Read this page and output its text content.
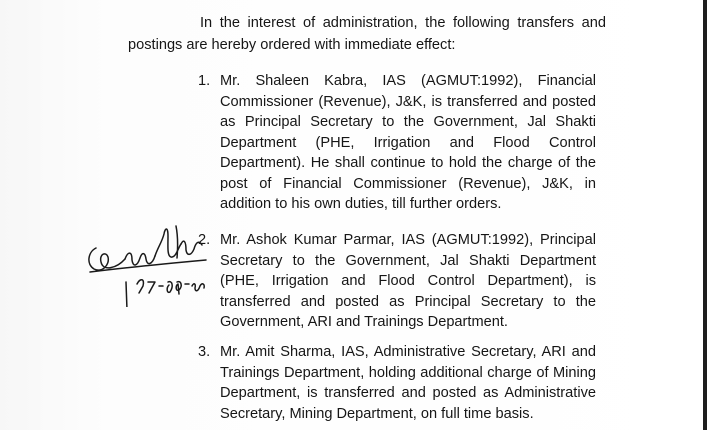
In the interest of administration, the following transfers and postings are hereby ordered with immediate effect:
1. Mr. Shaleen Kabra, IAS (AGMUT:1992), Financial Commissioner (Revenue), J&K, is transferred and posted as Principal Secretary to the Government, Jal Shakti Department (PHE, Irrigation and Flood Control Department). He shall continue to hold the charge of the post of Financial Commissioner (Revenue), J&K, in addition to his own duties, till further orders.
2. Mr. Ashok Kumar Parmar, IAS (AGMUT:1992), Principal Secretary to the Government, Jal Shakti Department (PHE, Irrigation and Flood Control Department), is transferred and posted as Principal Secretary to the Government, ARI and Trainings Department.
3. Mr. Amit Sharma, IAS, Administrative Secretary, ARI and Trainings Department, holding additional charge of Mining Department, is transferred and posted as Administrative Secretary, Mining Department, on full time basis.
